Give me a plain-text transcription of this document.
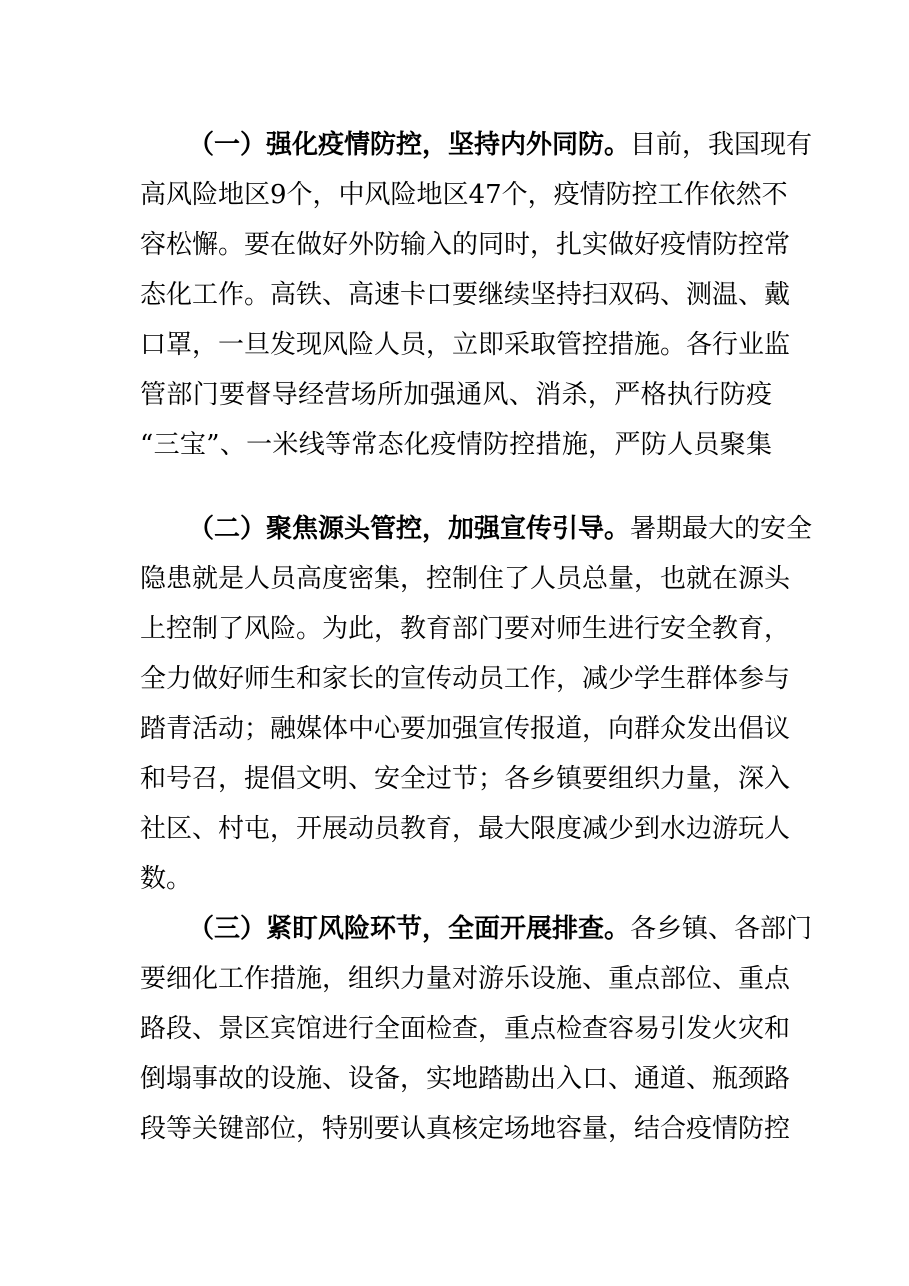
（一）强化疫情防控，坚持内外同防。目前，我国现有
高风险地区9个，中风险地区47个，疫情防控工作依然不
容松懈。要在做好外防输入的同时，扎实做好疫情防控常
态化工作。高铁、高速卡口要继续坚持扫双码、测温、戴
口罩，一旦发现风险人员，立即采取管控措施。各行业监
管部门要督导经营场所加强通风、消杀，严格执行防疫
“三宝”、一米线等常态化疫情防控措施，严防人员聚集
（二）聚焦源头管控，加强宣传引导。暑期最大的安全
隐患就是人员高度密集，控制住了人员总量，也就在源头
上控制了风险。为此，教育部门要对师生进行安全教育，
全力做好师生和家长的宣传动员工作，减少学生群体参与
踏青活动；融媒体中心要加强宣传报道，向群众发出倡议
和号召，提倡文明、安全过节；各乡镇要组织力量，深入
社区、村屯，开展动员教育，最大限度减少到水边游玩人
数。
（三）紧盯风险环节，全面开展排查。各乡镇、各部门
要细化工作措施，组织力量对游乐设施、重点部位、重点
路段、景区宾馆进行全面检查，重点检查容易引发火灾和
倒塌事故的设施、设备，实地踏勘出入口、通道、瓶颈路
段等关键部位，特别要认真核定场地容量，结合疫情防控
